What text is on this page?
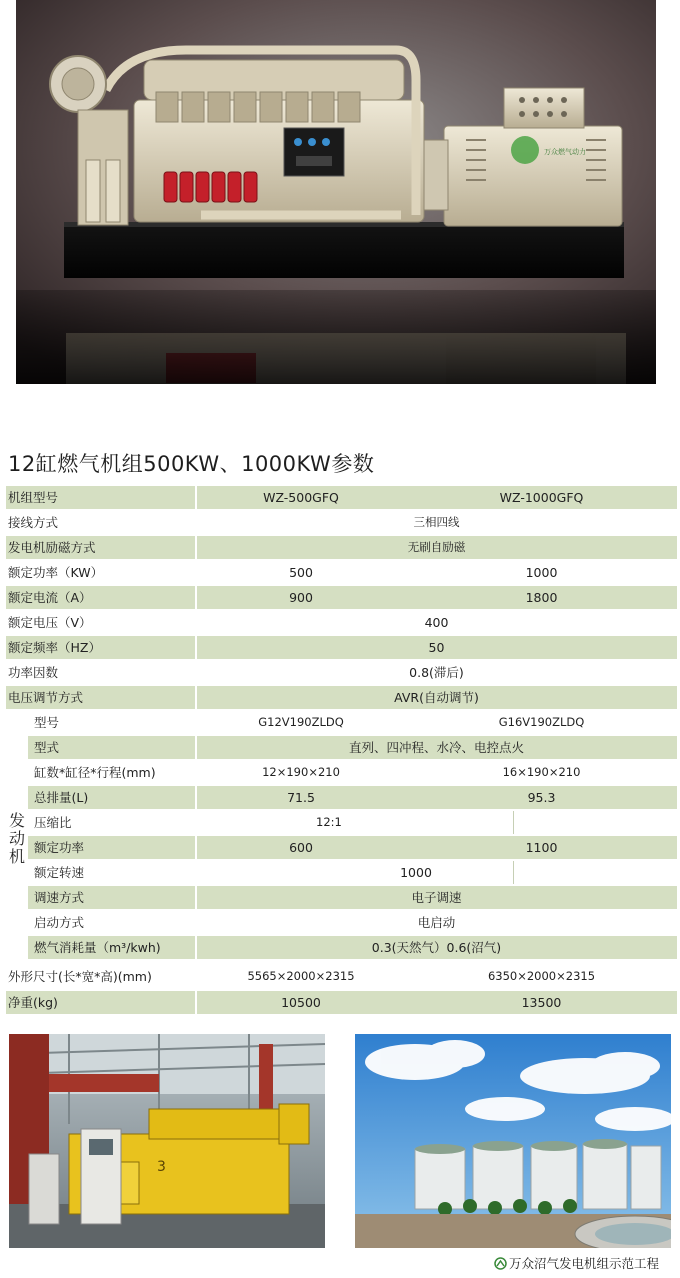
万众燃气动力
12缸燃气机组500KW、1000KW参数
机组型号	WZ-500GFQ	WZ-1000GFQ
接线方式	三相四线
发电机励磁方式	无刷自励磁
额定功率（KW）	500	1000
额定电流（A）	900	1800
额定电压（V）	400
额定频率（HZ）	50
功率因数	0.8(滞后)
电压调节方式	AVR(自动调节)
发动机
型号	G12V190ZLDQ	G16V190ZLDQ
型式	直列、四冲程、水冷、电控点火
缸数*缸径*行程(mm)	12×190×210	16×190×210
总排量(L)	71.5	95.3
压缩比	12:1
额定功率	600	1100
额定转速	1000
调速方式	电子调速
启动方式	电启动
燃气消耗量（m³/kwh)	0.3(天然气）0.6(沼气)
外形尺寸(长*宽*高)(mm)	5565×2000×2315	6350×2000×2315
净重(kg)	10500	13500
3
万众沼气发电机组示范工程
